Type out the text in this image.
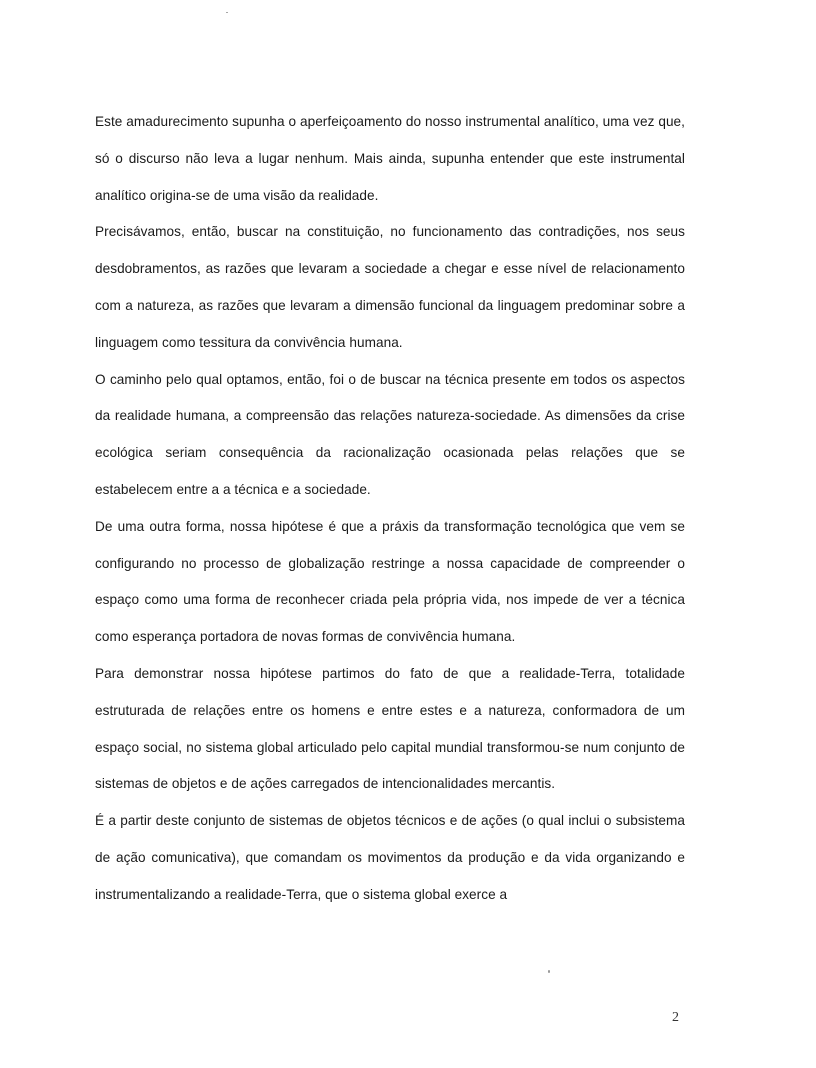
Este amadurecimento supunha o aperfeiçoamento do nosso instrumental analítico, uma vez que, só o discurso não leva a lugar nenhum. Mais ainda, supunha entender que este instrumental analítico origina-se de uma visão da realidade.

Precisávamos, então, buscar na constituição, no funcionamento das contradições, nos seus desdobramentos, as razões que levaram a sociedade a chegar e esse nível de relacionamento com a natureza, as razões que levaram a dimensão funcional da linguagem predominar sobre a linguagem como tessitura da convivência humana.

O caminho pelo qual optamos, então, foi o de buscar na técnica presente em todos os aspectos da realidade humana, a compreensão das relações natureza-sociedade. As dimensões da crise ecológica seriam consequência da racionalização ocasionada pelas relações que se estabelecem entre a a técnica e a sociedade.

De uma outra forma, nossa hipótese é que a práxis da transformação tecnológica que vem se configurando no processo de globalização restringe a nossa capacidade de compreender o espaço como uma forma de reconhecer criada pela própria vida, nos impede de ver a técnica como esperança portadora de novas formas de convivência humana.

Para demonstrar nossa hipótese partimos do fato de que a realidade-Terra, totalidade estruturada de relações entre os homens e entre estes e a natureza, conformadora de um espaço social, no sistema global articulado pelo capital mundial transformou-se num conjunto de sistemas de objetos e de ações carregados de intencionalidades mercantis.

É a partir deste conjunto de sistemas de objetos técnicos e de ações (o qual inclui o subsistema de ação comunicativa), que comandam os movimentos da produção e da vida organizando e instrumentalizando a realidade-Terra, que o sistema global exerce a

2
